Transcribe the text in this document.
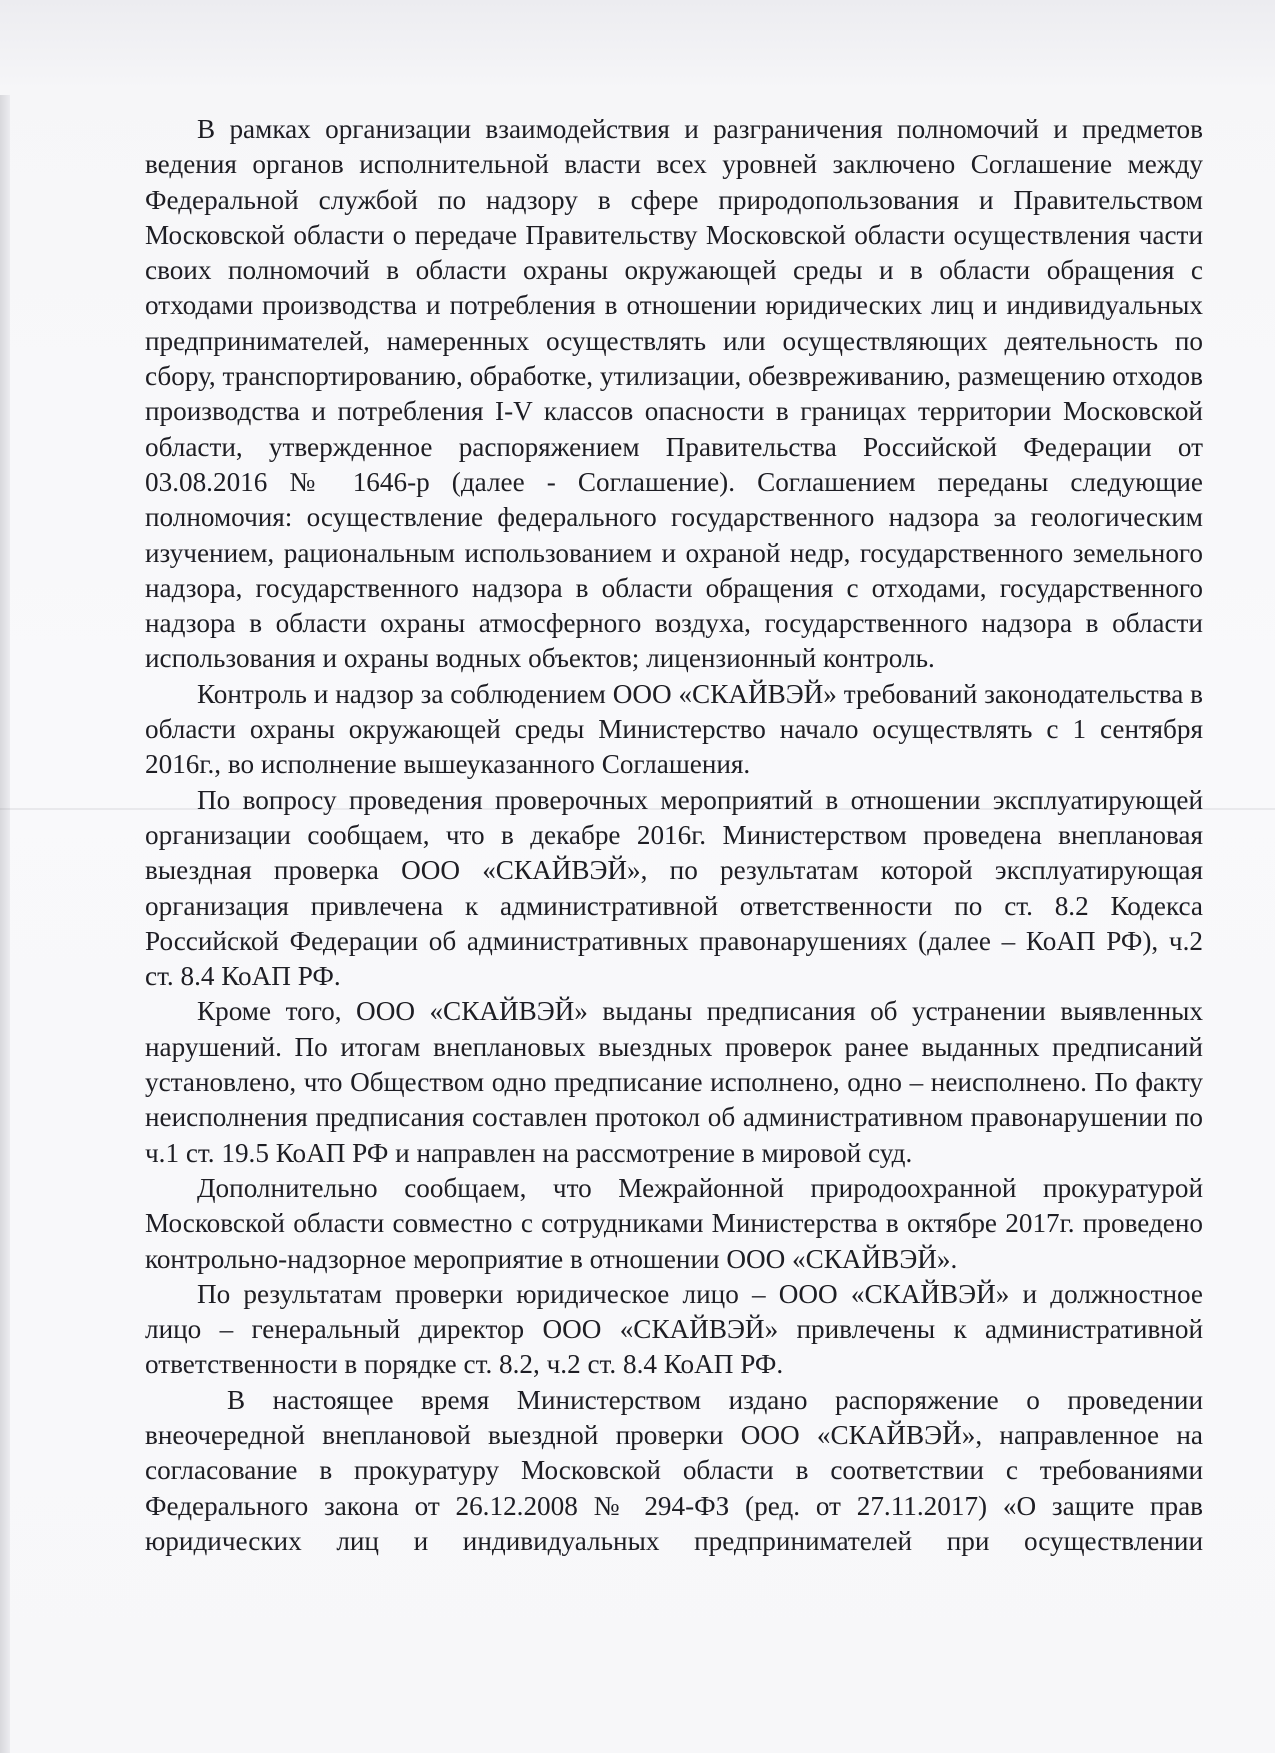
В рамках организации взаимодействия и разграничения полномочий и предметов ведения органов исполнительной власти всех уровней заключено Соглашение между Федеральной службой по надзору в сфере природопользования и Правительством Московской области о передаче Правительству Московской области осуществления части своих полномочий в области охраны окружающей среды и в области обращения с отходами производства и потребления в отношении юридических лиц и индивидуальных предпринимателей, намеренных осуществлять или осуществляющих деятельность по сбору, транспортированию, обработке, утилизации, обезвреживанию, размещению отходов производства и потребления I-V классов опасности в границах территории Московской области, утвержденное распоряжением Правительства Российской Федерации от 03.08.2016 № 1646-р (далее - Соглашение). Соглашением переданы следующие полномочия: осуществление федерального государственного надзора за геологическим изучением, рациональным использованием и охраной недр, государственного земельного надзора, государственного надзора в области обращения с отходами, государственного надзора в области охраны атмосферного воздуха, государственного надзора в области использования и охраны водных объектов; лицензионный контроль.

Контроль и надзор за соблюдением ООО «СКАЙВЭЙ» требований законодательства в области охраны окружающей среды Министерство начало осуществлять с 1 сентября 2016г., во исполнение вышеуказанного Соглашения.

По вопросу проведения проверочных мероприятий в отношении эксплуатирующей организации сообщаем, что в декабре 2016г. Министерством проведена внеплановая выездная проверка ООО «СКАЙВЭЙ», по результатам которой эксплуатирующая организация привлечена к административной ответственности по ст. 8.2 Кодекса Российской Федерации об административных правонарушениях (далее – КоАП РФ), ч.2 ст. 8.4 КоАП РФ.

Кроме того, ООО «СКАЙВЭЙ» выданы предписания об устранении выявленных нарушений. По итогам внеплановых выездных проверок ранее выданных предписаний установлено, что Обществом одно предписание исполнено, одно – неисполнено. По факту неисполнения предписания составлен протокол об административном правонарушении по ч.1 ст. 19.5 КоАП РФ и направлен на рассмотрение в мировой суд.

Дополнительно сообщаем, что Межрайонной природоохранной прокуратурой Московской области совместно с сотрудниками Министерства в октябре 2017г. проведено контрольно-надзорное мероприятие в отношении ООО «СКАЙВЭЙ».

По результатам проверки юридическое лицо – ООО «СКАЙВЭЙ» и должностное лицо – генеральный директор ООО «СКАЙВЭЙ» привлечены к административной ответственности в порядке ст. 8.2, ч.2 ст. 8.4 КоАП РФ.

В настоящее время Министерством издано распоряжение о проведении внеочередной внеплановой выездной проверки ООО «СКАЙВЭЙ», направленное на согласование в прокуратуру Московской области в соответствии с требованиями Федерального закона от 26.12.2008 № 294-ФЗ (ред. от 27.11.2017) «О защите прав юридических лиц и индивидуальных предпринимателей при осуществлении
